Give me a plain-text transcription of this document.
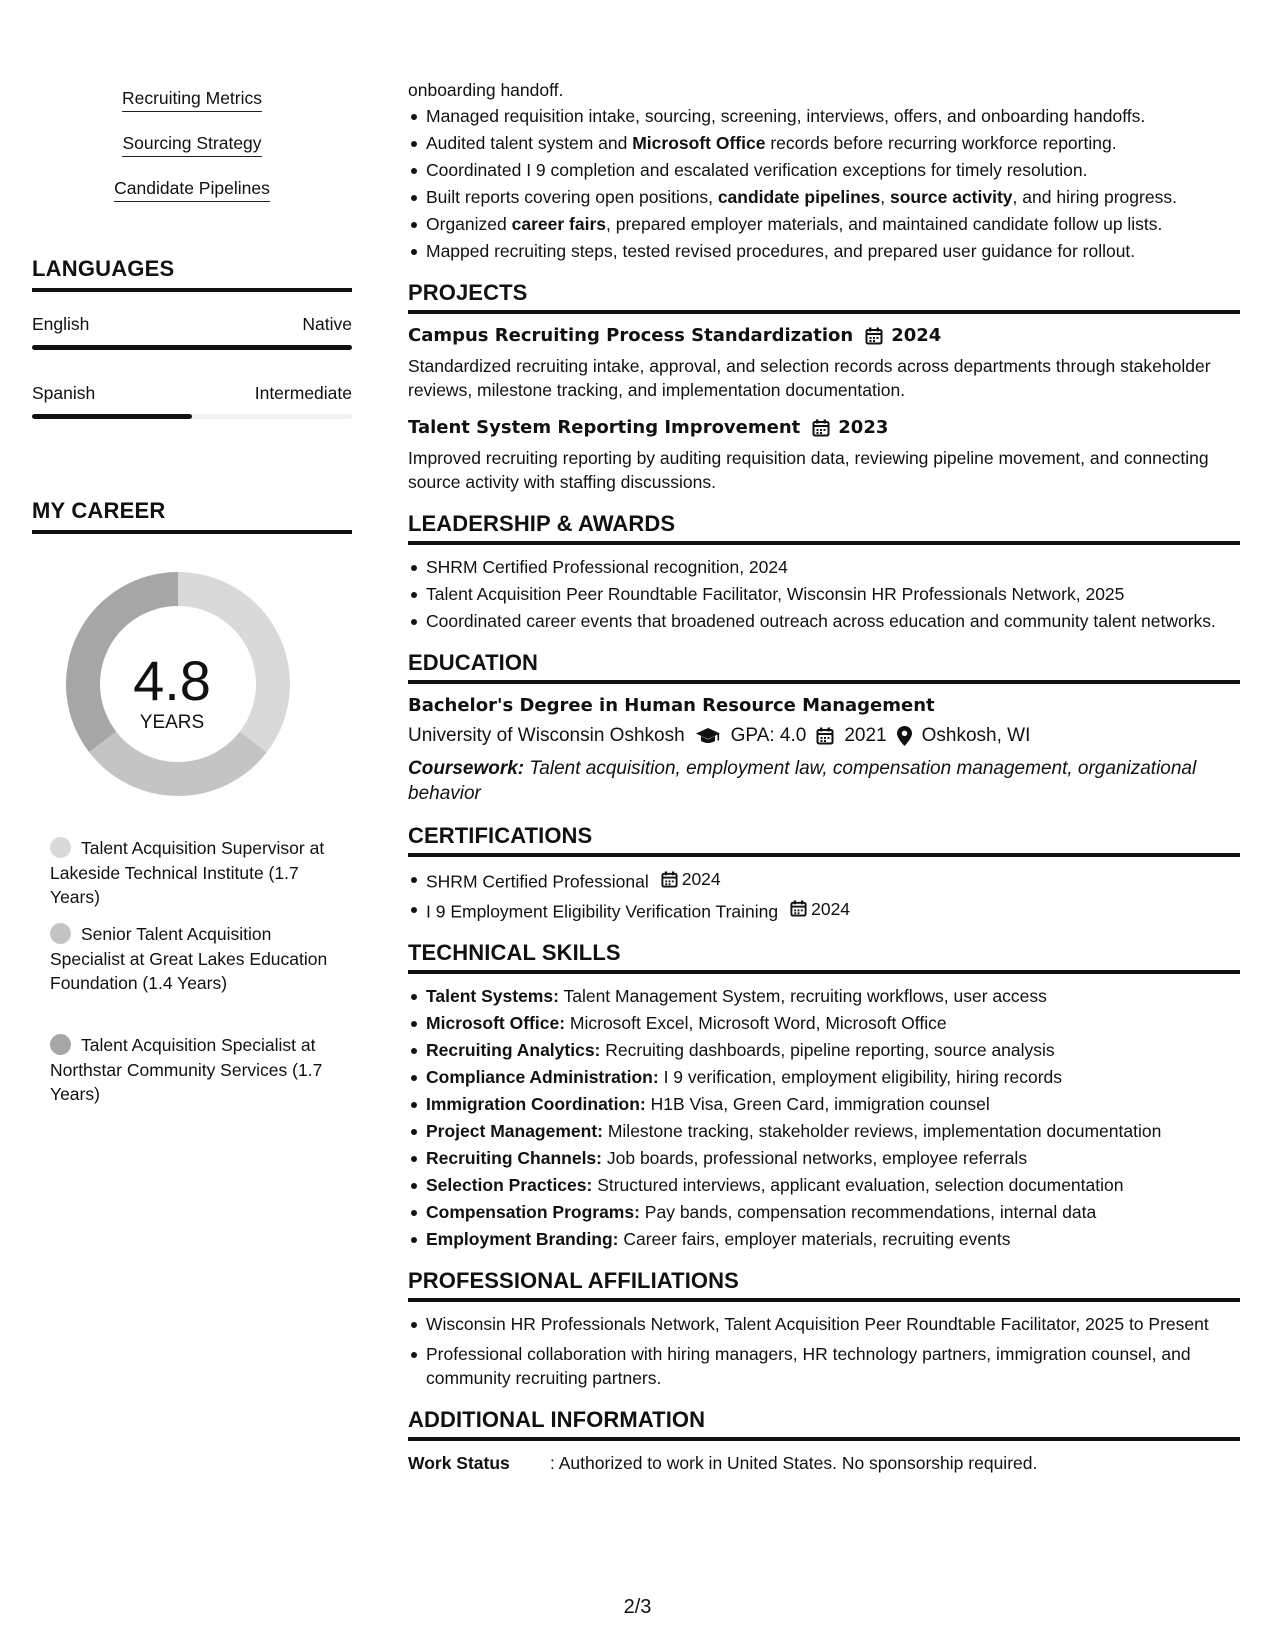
Recruiting Metrics
Sourcing Strategy
Candidate Pipelines
LANGUAGES
English	Native
Spanish	Intermediate
MY CAREER
4.8
YEARS
Talent Acquisition Supervisor at Lakeside Technical Institute (1.7 Years)
Senior Talent Acquisition Specialist at Great Lakes Education Foundation (1.4 Years)
Talent Acquisition Specialist at Northstar Community Services (1.7 Years)
onboarding handoff.
Managed requisition intake, sourcing, screening, interviews, offers, and onboarding handoffs.
Audited talent system and Microsoft Office records before recurring workforce reporting.
Coordinated I 9 completion and escalated verification exceptions for timely resolution.
Built reports covering open positions, candidate pipelines, source activity, and hiring progress.
Organized career fairs, prepared employer materials, and maintained candidate follow up lists.
Mapped recruiting steps, tested revised procedures, and prepared user guidance for rollout.
PROJECTS
Campus Recruiting Process Standardization 2024
Standardized recruiting intake, approval, and selection records across departments through stakeholder reviews, milestone tracking, and implementation documentation.
Talent System Reporting Improvement 2023
Improved recruiting reporting by auditing requisition data, reviewing pipeline movement, and connecting source activity with staffing discussions.
LEADERSHIP & AWARDS
SHRM Certified Professional recognition, 2024
Talent Acquisition Peer Roundtable Facilitator, Wisconsin HR Professionals Network, 2025
Coordinated career events that broadened outreach across education and community talent networks.
EDUCATION
Bachelor's Degree in Human Resource Management
University of Wisconsin Oshkosh GPA: 4.0 2021 Oshkosh, WI
Coursework: Talent acquisition, employment law, compensation management, organizational behavior
CERTIFICATIONS
SHRM Certified Professional 2024
I 9 Employment Eligibility Verification Training 2024
TECHNICAL SKILLS
Talent Systems: Talent Management System, recruiting workflows, user access
Microsoft Office: Microsoft Excel, Microsoft Word, Microsoft Office
Recruiting Analytics: Recruiting dashboards, pipeline reporting, source analysis
Compliance Administration: I 9 verification, employment eligibility, hiring records
Immigration Coordination: H1B Visa, Green Card, immigration counsel
Project Management: Milestone tracking, stakeholder reviews, implementation documentation
Recruiting Channels: Job boards, professional networks, employee referrals
Selection Practices: Structured interviews, applicant evaluation, selection documentation
Compensation Programs: Pay bands, compensation recommendations, internal data
Employment Branding: Career fairs, employer materials, recruiting events
PROFESSIONAL AFFILIATIONS
Wisconsin HR Professionals Network, Talent Acquisition Peer Roundtable Facilitator, 2025 to Present
Professional collaboration with hiring managers, HR technology partners, immigration counsel, and community recruiting partners.
ADDITIONAL INFORMATION
Work Status	: Authorized to work in United States. No sponsorship required.
2/3
